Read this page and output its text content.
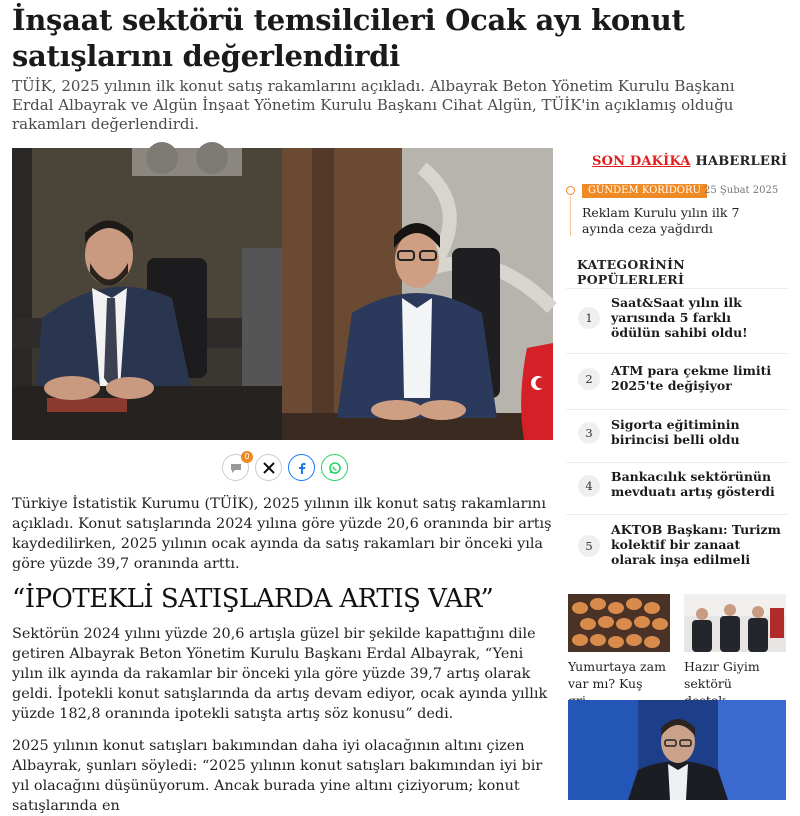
İnşaat sektörü temsilcileri Ocak ayı konut satışlarını değerlendirdi

TÜİK, 2025 yılının ilk konut satış rakamlarını açıkladı. Albayrak Beton Yönetim Kurulu Başkanı Erdal Albayrak ve Algün İnşaat Yönetim Kurulu Başkanı Cihat Algün, TÜİK'in açıklamış olduğu rakamları değerlendirdi.

0

Türkiye İstatistik Kurumu (TÜİK), 2025 yılının ilk konut satış rakamlarını açıkladı. Konut satışlarında 2024 yılına göre yüzde 20,6 oranında bir artış kaydedilirken, 2025 yılının ocak ayında da satış rakamları bir önceki yıla göre yüzde 39,7 oranında arttı.

“İPOTEKLİ SATIŞLARDA ARTIŞ VAR”

Sektörün 2024 yılını yüzde 20,6 artışla güzel bir şekilde kapattığını dile getiren Albayrak Beton Yönetim Kurulu Başkanı Erdal Albayrak, “Yeni yılın ilk ayında da rakamlar bir önceki yıla göre yüzde 39,7 artış olarak geldi. İpotekli konut satışlarında da artış devam ediyor, ocak ayında yıllık yüzde 182,8 oranında ipotekli satışta artış söz konusu” dedi.

2025 yılının konut satışları bakımından daha iyi olacağının altını çizen Albayrak, şunları söyledi: “2025 yılının konut satışları bakımından iyi bir yıl olacağını düşünüyorum. Ancak burada yine altını çiziyorum; konut satışlarında en

SON DAKİKA HABERLERİ
GÜNDEM KORİDORU 25 Şubat 2025
Reklam Kurulu yılın ilk 7 ayında ceza yağdırdı
KATEGORİNİN POPÜLERLERİ
1
Saat&Saat yılın ilk yarısında 5 farklı ödülün sahibi oldu!
2
ATM para çekme limiti 2025'te değişiyor
3
Sigorta eğitiminin birincisi belli oldu
4
Bankacılık sektörünün mevduatı artış gösterdi
5
AKTOB Başkanı: Turizm kolektif bir zanaat olarak inşa edilmeli
Yumurtaya zam var mı? Kuş
Hazır Giyim sektörü
